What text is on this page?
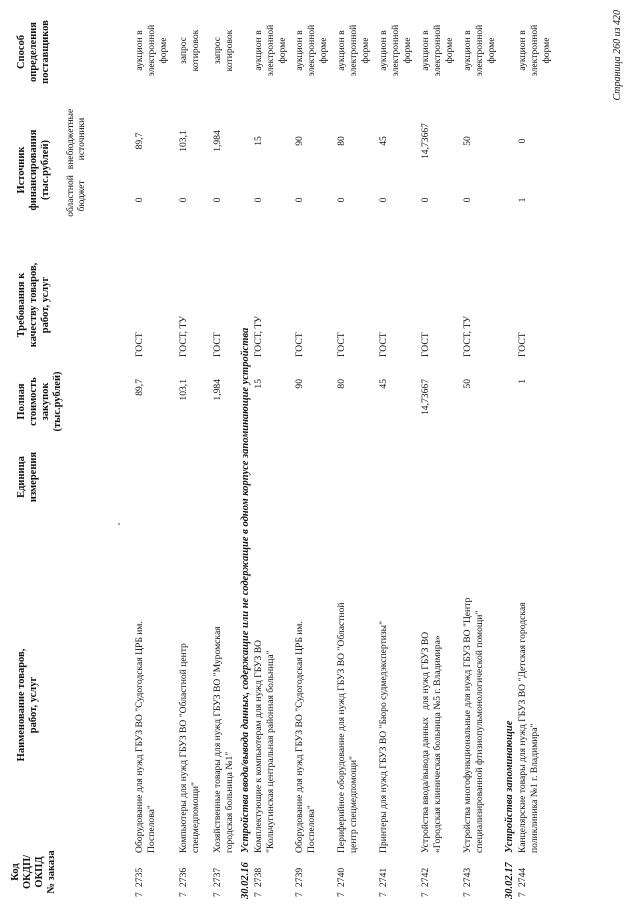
Код
ОКДП/
ОКПД
№ заказа
Наименование товаров,
работ, услуг
Единица
измерения
Полная
стоимость
закупок
(тыс.рублей)
Требования к
качеству товаров,
работ, услуг
Источник
финансирования
(тыс.рублей) областной
бюджет
внебюджетные
источники
Способ
определения
поставщиков
7
2735
Оборудование для нужд ГБУЗ ВО "Судогодская ЦРБ им.
Поспелова"
89,7
ГОСТ
0
89,7
аукцион в
электронной
форме
7
2736
Компьютеры для нужд ГБУЗ ВО "Областной центр
спецмедпомощи"
103,1
ГОСТ, ТУ
0
103,1
запрос
котировок
7
2737
Хозяйственные товары для нужд ГБУЗ ВО "Муромская
городская больница №1"
1,984
ГОСТ
0
1,984
запрос
котировок
30.02.16
Устройства ввода/вывода данных, содержащие или не содержащие в одном корпусе запоминающие устройства
7
2738
Комплектующие к компьютерам для нужд ГБУЗ ВО
"Кольчугинская центральная районная больница"
15
ГОСТ, ТУ
0
15
аукцион в
электронной
форме
7
2739
Оборудование для нужд ГБУЗ ВО "Судогодская ЦРБ им.
Поспелова"
90
ГОСТ
0
90
аукцион в
электронной
форме
7
2740
Периферийное оборудование для нужд ГБУЗ ВО "Областной
центр спецмедпомощи"
80
ГОСТ
0
80
аукцион в
электронной
форме
7
2741
Принтеры для нужд ГБУЗ ВО "Бюро судмедэкспертизы"
45
ГОСТ
0
45
аукцион в
электронной
форме
7
2742
Устройства ввода/вывода данных   для нужд ГБУЗ ВО
«Городская клиническая больница №5 г. Владимира»
14,73667
ГОСТ
0
14,73667
аукцион в
электронной
форме
7
2743
Устройства многофункциональные для нужд ГБУЗ ВО "Центр
специализированной фтизиопульмонологической помощи"
50
ГОСТ, ТУ
0
50
аукцион в
электронной
форме
30.02.17
Устройства запоминающие
7
2744
Канцелярские товары для нужд ГБУЗ ВО "Детская городская
поликлиника №1 г. Владимира"
1
ГОСТ
1
0
аукцион в
электронной
форме	Страница 260 из 420
